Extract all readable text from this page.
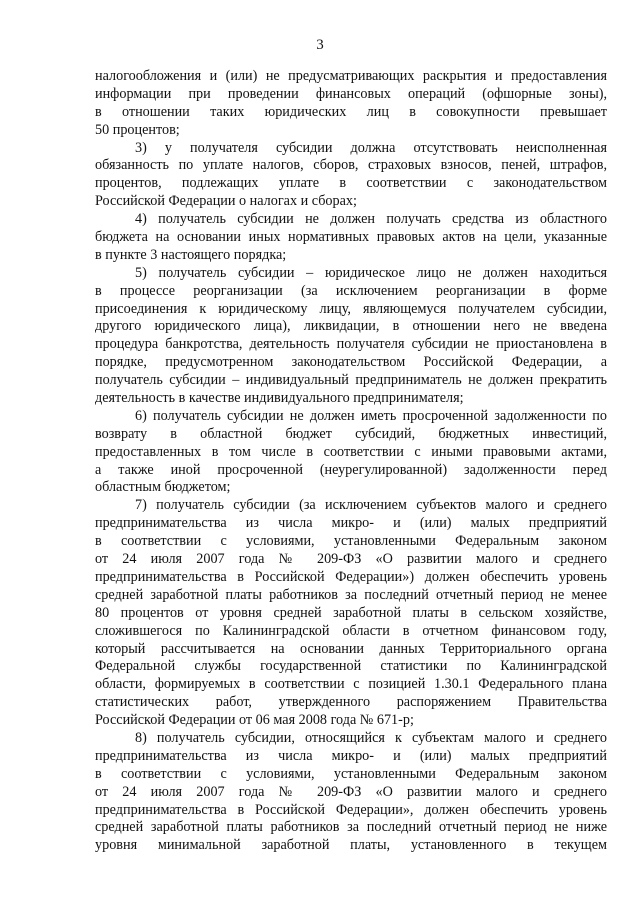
3
налогообложения и (или) не предусматривающих раскрытия и предоставления
информации при проведении финансовых операций (офшорные зоны),
в отношении таких юридических лиц в совокупности превышает
50 процентов;
3) у получателя субсидии должна отсутствовать неисполненная
обязанность по уплате налогов, сборов, страховых взносов, пеней, штрафов,
процентов, подлежащих уплате в соответствии с законодательством
Российской Федерации о налогах и сборах;
4) получатель субсидии не должен получать средства из областного
бюджета на основании иных нормативных правовых актов на цели, указанные
в пункте 3 настоящего порядка;
5) получатель субсидии – юридическое лицо не должен находиться
в процессе реорганизации (за исключением реорганизации в форме
присоединения к юридическому лицу, являющемуся получателем субсидии,
другого юридического лица), ликвидации, в отношении него не введена
процедура банкротства, деятельность получателя субсидии не приостановлена в
порядке, предусмотренном законодательством Российской Федерации, а
получатель субсидии – индивидуальный предприниматель не должен прекратить
деятельность в качестве индивидуального предпринимателя;
6) получатель субсидии не должен иметь просроченной задолженности по
возврату в областной бюджет субсидий, бюджетных инвестиций,
предоставленных в том числе в соответствии с иными правовыми актами,
а также иной просроченной (неурегулированной) задолженности перед
областным бюджетом;
7) получатель субсидии (за исключением субъектов малого и среднего
предпринимательства из числа микро- и (или) малых предприятий
в соответствии с условиями, установленными Федеральным законом
от 24 июля 2007 года № 209-ФЗ «О развитии малого и среднего
предпринимательства в Российской Федерации») должен обеспечить уровень
средней заработной платы работников за последний отчетный период не менее
80 процентов от уровня средней заработной платы в сельском хозяйстве,
сложившегося по Калининградской области в отчетном финансовом году,
который рассчитывается на основании данных Территориального органа
Федеральной службы государственной статистики по Калининградской
области, формируемых в соответствии с позицией 1.30.1 Федерального плана
статистических работ, утвержденного распоряжением Правительства
Российской Федерации от 06 мая 2008 года № 671-р;
8) получатель субсидии, относящийся к субъектам малого и среднего
предпринимательства из числа микро- и (или) малых предприятий
в соответствии с условиями, установленными Федеральным законом
от 24 июля 2007 года № 209-ФЗ «О развитии малого и среднего
предпринимательства в Российской Федерации», должен обеспечить уровень
средней заработной платы работников за последний отчетный период не ниже
уровня минимальной заработной платы, установленного в текущем
